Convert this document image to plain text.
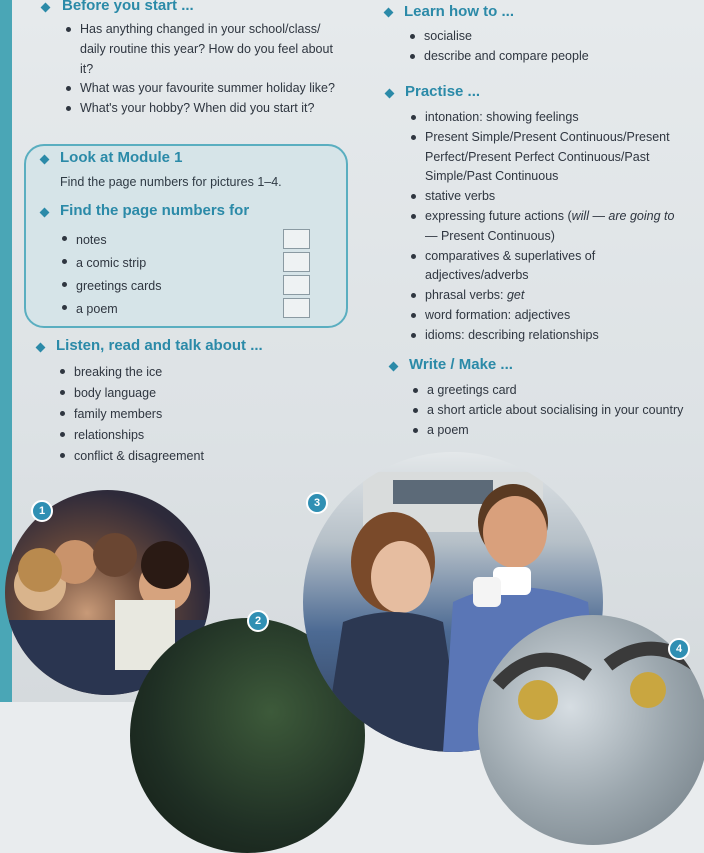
Before you start ...
Has anything changed in your school/class/ daily routine this year? How do you feel about it?
What was your favourite summer holiday like?
What's your hobby? When did you start it?
Look at Module 1
Find the page numbers for pictures 1–4.
Find the page numbers for
notes
a comic strip
greetings cards
a poem
Listen, read and talk about ...
breaking the ice
body language
family members
relationships
conflict & disagreement
Learn how to ...
socialise
describe and compare people
Practise ...
intonation: showing feelings
Present Simple/Present Continuous/Present Perfect/Present Perfect Continuous/Past Simple/Past Continuous
stative verbs
expressing future actions (will — are going to — Present Continuous)
comparatives & superlatives of adjectives/adverbs
phrasal verbs: get
word formation: adjectives
idioms: describing relationships
Write / Make ...
a greetings card
a short article about socialising in your country
a poem
1
2
3
4
